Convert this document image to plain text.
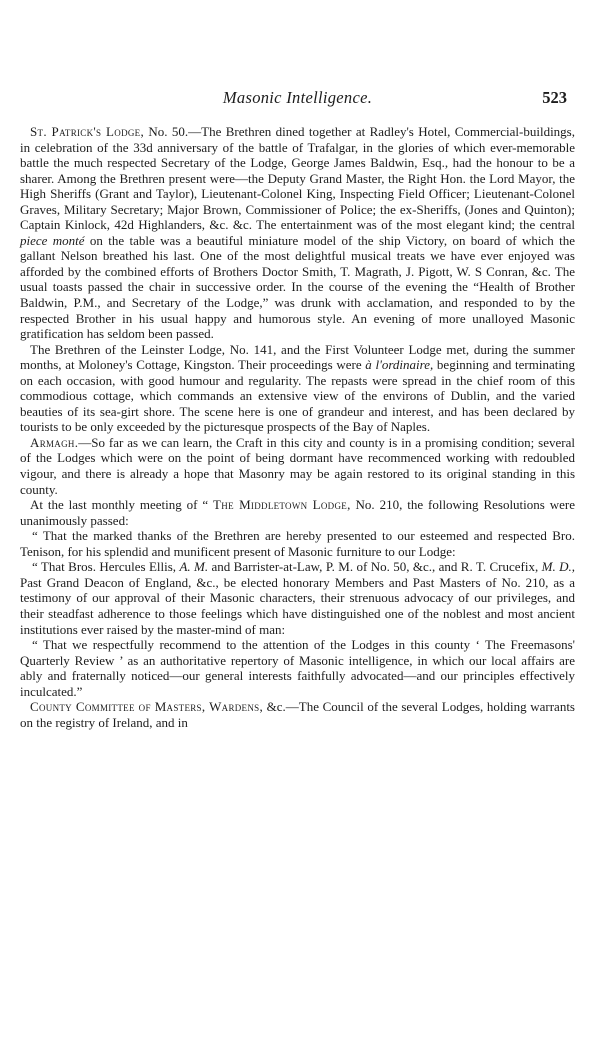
Masonic Intelligence.	523

St. Patrick's Lodge, No. 50.—The Brethren dined together at Radley's Hotel, Commercial-buildings, in celebration of the 33d anniversary of the battle of Trafalgar, in the glories of which ever-memorable battle the much respected Secretary of the Lodge, George James Baldwin, Esq., had the honour to be a sharer. Among the Brethren present were—the Deputy Grand Master, the Right Hon. the Lord Mayor, the High Sheriffs (Grant and Taylor), Lieutenant-Colonel King, Inspecting Field Officer; Lieutenant-Colonel Graves, Military Secretary; Major Brown, Commissioner of Police; the ex-Sheriffs, (Jones and Quinton); Captain Kinlock, 42d Highlanders, &c. &c. The entertainment was of the most elegant kind; the central piece monté on the table was a beautiful miniature model of the ship Victory, on board of which the gallant Nelson breathed his last. One of the most delightful musical treats we have ever enjoyed was afforded by the combined efforts of Brothers Doctor Smith, T. Magrath, J. Pigott, W. S Conran, &c. The usual toasts passed the chair in successive order. In the course of the evening the “Health of Brother Baldwin, P.M., and Secretary of the Lodge,” was drunk with acclamation, and responded to by the respected Brother in his usual happy and humorous style. An evening of more unalloyed Masonic gratification has seldom been passed.

The Brethren of the Leinster Lodge, No. 141, and the First Volunteer Lodge met, during the summer months, at Moloney's Cottage, Kingston. Their proceedings were à l'ordinaire, beginning and terminating on each occasion, with good humour and regularity. The repasts were spread in the chief room of this commodious cottage, which commands an extensive view of the environs of Dublin, and the varied beauties of its sea-girt shore. The scene here is one of grandeur and interest, and has been declared by tourists to be only exceeded by the picturesque prospects of the Bay of Naples.

Armagh.—So far as we can learn, the Craft in this city and county is in a promising condition; several of the Lodges which were on the point of being dormant have recommenced working with redoubled vigour, and there is already a hope that Masonry may be again restored to its original standing in this county.

At the last monthly meeting of “ The Middletown Lodge, No. 210, the following Resolutions were unanimously passed:

“ That the marked thanks of the Brethren are hereby presented to our esteemed and respected Bro. Tenison, for his splendid and munificent present of Masonic furniture to our Lodge:

“ That Bros. Hercules Ellis, A. M. and Barrister-at-Law, P. M. of No. 50, &c., and R. T. Crucefix, M. D., Past Grand Deacon of England, &c., be elected honorary Members and Past Masters of No. 210, as a testimony of our approval of their Masonic characters, their strenuous advocacy of our privileges, and their steadfast adherence to those feelings which have distinguished one of the noblest and most ancient institutions ever raised by the master-mind of man:

“ That we respectfully recommend to the attention of the Lodges in this county ‘ The Freemasons' Quarterly Review ’ as an authoritative repertory of Masonic intelligence, in which our local affairs are ably and fraternally noticed—our general interests faithfully advocated—and our principles effectively inculcated.”

County Committee of Masters, Wardens, &c.—The Council of the several Lodges, holding warrants on the registry of Ireland, and in
